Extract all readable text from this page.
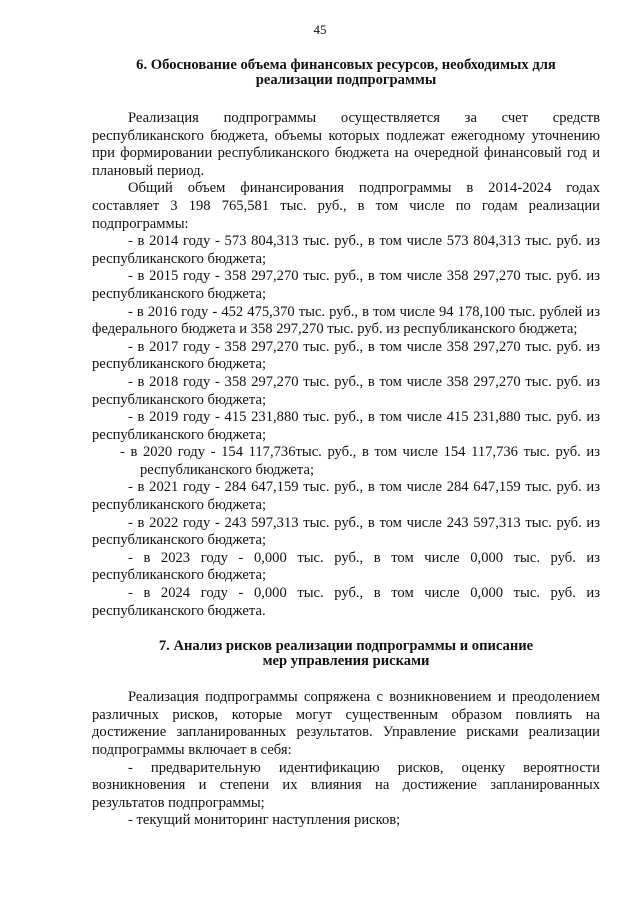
45
6. Обоснование объема финансовых ресурсов, необходимых для
реализации подпрограммы

Реализация подпрограммы осуществляется за счет средств республиканского бюджета, объемы которых подлежат ежегодному уточнению при формировании республиканского бюджета на очередной финансовый год и плановый период.

Общий объем финансирования подпрограммы в 2014-2024 годах составляет 3 198 765,581 тыс. руб., в том числе по годам реализации подпрограммы:

- в 2014 году - 573 804,313 тыс. руб., в том числе 573 804,313 тыс. руб. из республиканского бюджета;
- в 2015 году - 358 297,270 тыс. руб., в том числе 358 297,270 тыс. руб. из республиканского бюджета;
- в 2016 году - 452 475,370 тыс. руб., в том числе 94 178,100 тыс. рублей из федерального бюджета и 358 297,270 тыс. руб. из республиканского бюджета;
- в 2017 году - 358 297,270 тыс. руб., в том числе 358 297,270 тыс. руб. из республиканского бюджета;
- в 2018 году - 358 297,270 тыс. руб., в том числе 358 297,270 тыс. руб. из республиканского бюджета;
- в 2019 году - 415 231,880 тыс. руб., в том числе 415 231,880 тыс. руб. из республиканского бюджета;
- в 2020 году - 154 117,736тыс. руб., в том числе 154 117,736 тыс. руб. из республиканского бюджета;
- в 2021 году - 284 647,159 тыс. руб., в том числе 284 647,159 тыс. руб. из республиканского бюджета;
- в 2022 году - 243 597,313 тыс. руб., в том числе 243 597,313 тыс. руб. из республиканского бюджета;
- в 2023 году - 0,000 тыс. руб., в том числе 0,000 тыс. руб. из республиканского бюджета;
- в 2024 году - 0,000 тыс. руб., в том числе 0,000 тыс. руб. из республиканского бюджета.
7. Анализ рисков реализации подпрограммы и описание
мер управления рисками

Реализация подпрограммы сопряжена с возникновением и преодолением различных рисков, которые могут существенным образом повлиять на достижение запланированных результатов. Управление рисками реализации подпрограммы включает в себя:

- предварительную идентификацию рисков, оценку вероятности возникновения и степени их влияния на достижение запланированных результатов подпрограммы;
- текущий мониторинг наступления рисков;
